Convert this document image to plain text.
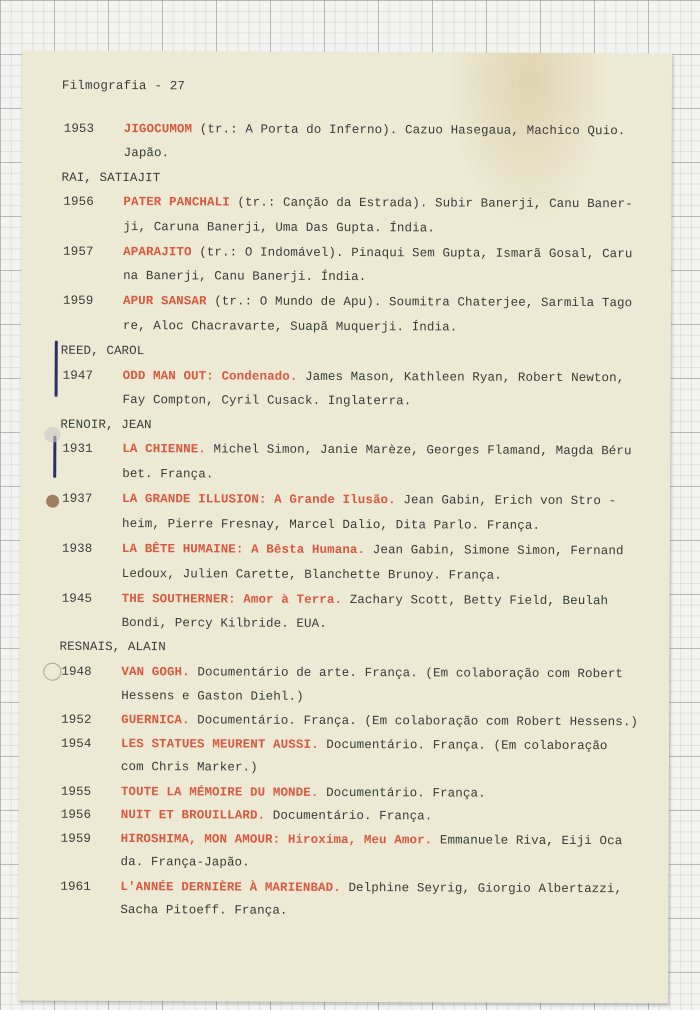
Filmografia - 27
1953 JIGOCUMOM (tr.: A Porta do Inferno). Cazuo Hasegaua, Machico Quio.
Japão.
RAI, SATIAJIT
1956 PATER PANCHALI (tr.: Canção da Estrada). Subir Banerji, Canu Baner-
ji, Caruna Banerji, Uma Das Gupta. Índia.
1957 APARAJITO (tr.: O Indomável). Pinaqui Sem Gupta, Ismarã Gosal, Caru
na Banerji, Canu Banerji. Índia.
1959 APUR SANSAR (tr.: O Mundo de Apu). Soumitra Chaterjee, Sarmila Tago
re, Aloc Chacravarte, Suapã Muquerji. Índia.
REED, CAROL
1947 ODD MAN OUT: Condenado. James Mason, Kathleen Ryan, Robert Newton,
Fay Compton, Cyril Cusack. Inglaterra.
RENOIR, JEAN
1931 LA CHIENNE. Michel Simon, Janie Marèze, Georges Flamand, Magda Béru
bet. França.
1937 LA GRANDE ILLUSION: A Grande Ilusão. Jean Gabin, Erich von Stro -
heim, Pierre Fresnay, Marcel Dalio, Dita Parlo. França.
1938 LA BÊTE HUMAINE: A Bêsta Humana. Jean Gabin, Simone Simon, Fernand
Ledoux, Julien Carette, Blanchette Brunoy. França.
1945 THE SOUTHERNER: Amor à Terra. Zachary Scott, Betty Field, Beulah
Bondi, Percy Kilbride. EUA.
RESNAIS, ALAIN
1948 VAN GOGH. Documentário de arte. França. (Em colaboração com Robert
Hessens e Gaston Diehl.)
1952 GUERNICA. Documentário. França. (Em colaboração com Robert Hessens.)
1954 LES STATUES MEURENT AUSSI. Documentário. França. (Em colaboração
com Chris Marker.)
1955 TOUTE LA MÉMOIRE DU MONDE. Documentário. França.
1956 NUIT ET BROUILLARD. Documentário. França.
1959 HIROSHIMA, MON AMOUR: Hiroxima, Meu Amor. Emmanuele Riva, Eiji Oca
da. França-Japão.
1961 L'ANNÉE DERNIÈRE À MARIENBAD. Delphine Seyrig, Giorgio Albertazzi,
Sacha Pitoeff. França.
